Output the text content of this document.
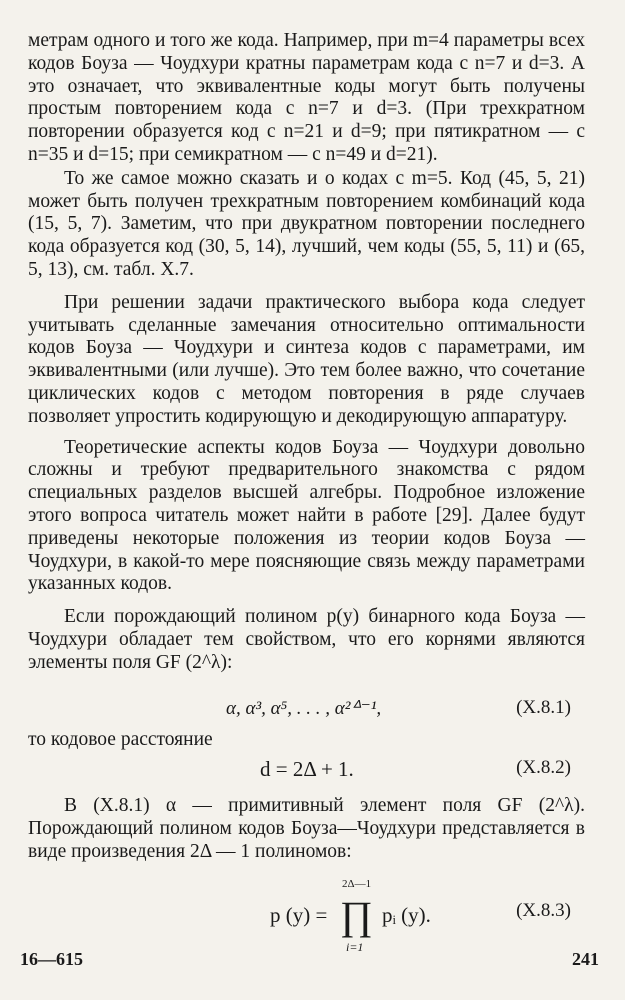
метрам одного и того же кода. Например, при m=4 параметры всех кодов Боуза — Чоудхури кратны параметрам кода с n=7 и d=3. А это означает, что эквивалентные коды могут быть получены простым повторением кода с n=7 и d=3. (При трехкратном повторении образуется код с n=21 и d=9; при пятикратном — с n=35 и d=15; при семикратном — с n=49 и d=21).

То же самое можно сказать и о кодах с m=5. Код (45, 5, 21) может быть получен трехкратным повторением комбинаций кода (15, 5, 7). Заметим, что при двукратном повторении последнего кода образуется код (30, 5, 14), лучший, чем коды (55, 5, 11) и (65, 5, 13), см. табл. X.7.

При решении задачи практического выбора кода следует учитывать сделанные замечания относительно оптимальности кодов Боуза — Чоудхури и синтеза кодов с параметрами, им эквивалентными (или лучше). Это тем более важно, что сочетание циклических кодов с методом повторения в ряде случаев позволяет упростить кодирующую и декодирующую аппаратуру.

Теоретические аспекты кодов Боуза — Чоудхури довольно сложны и требуют предварительного знакомства с рядом специальных разделов высшей алгебры. Подробное изложение этого вопроса читатель может найти в работе [29]. Далее будут приведены некоторые положения из теории кодов Боуза — Чоудхури, в какой-то мере поясняющие связь между параметрами указанных кодов.

Если порождающий полином p(y) бинарного кода Боуза — Чоудхури обладает тем свойством, что его корнями являются элементы поля GF (2^λ):

α, α³, α⁵, . . . , α²ᐞ⁻¹,	(X.8.1)

то кодовое расстояние

d = 2Δ + 1.	(X.8.2)

В (X.8.1) α — примитивный элемент поля GF (2^λ). Порождающий полином кодов Боуза—Чоудхури представляется в виде произведения 2Δ — 1 полиномов:

p (y) =
2Δ—1
∏
i=1
pᵢ (y).	(X.8.3)
16—615	241
